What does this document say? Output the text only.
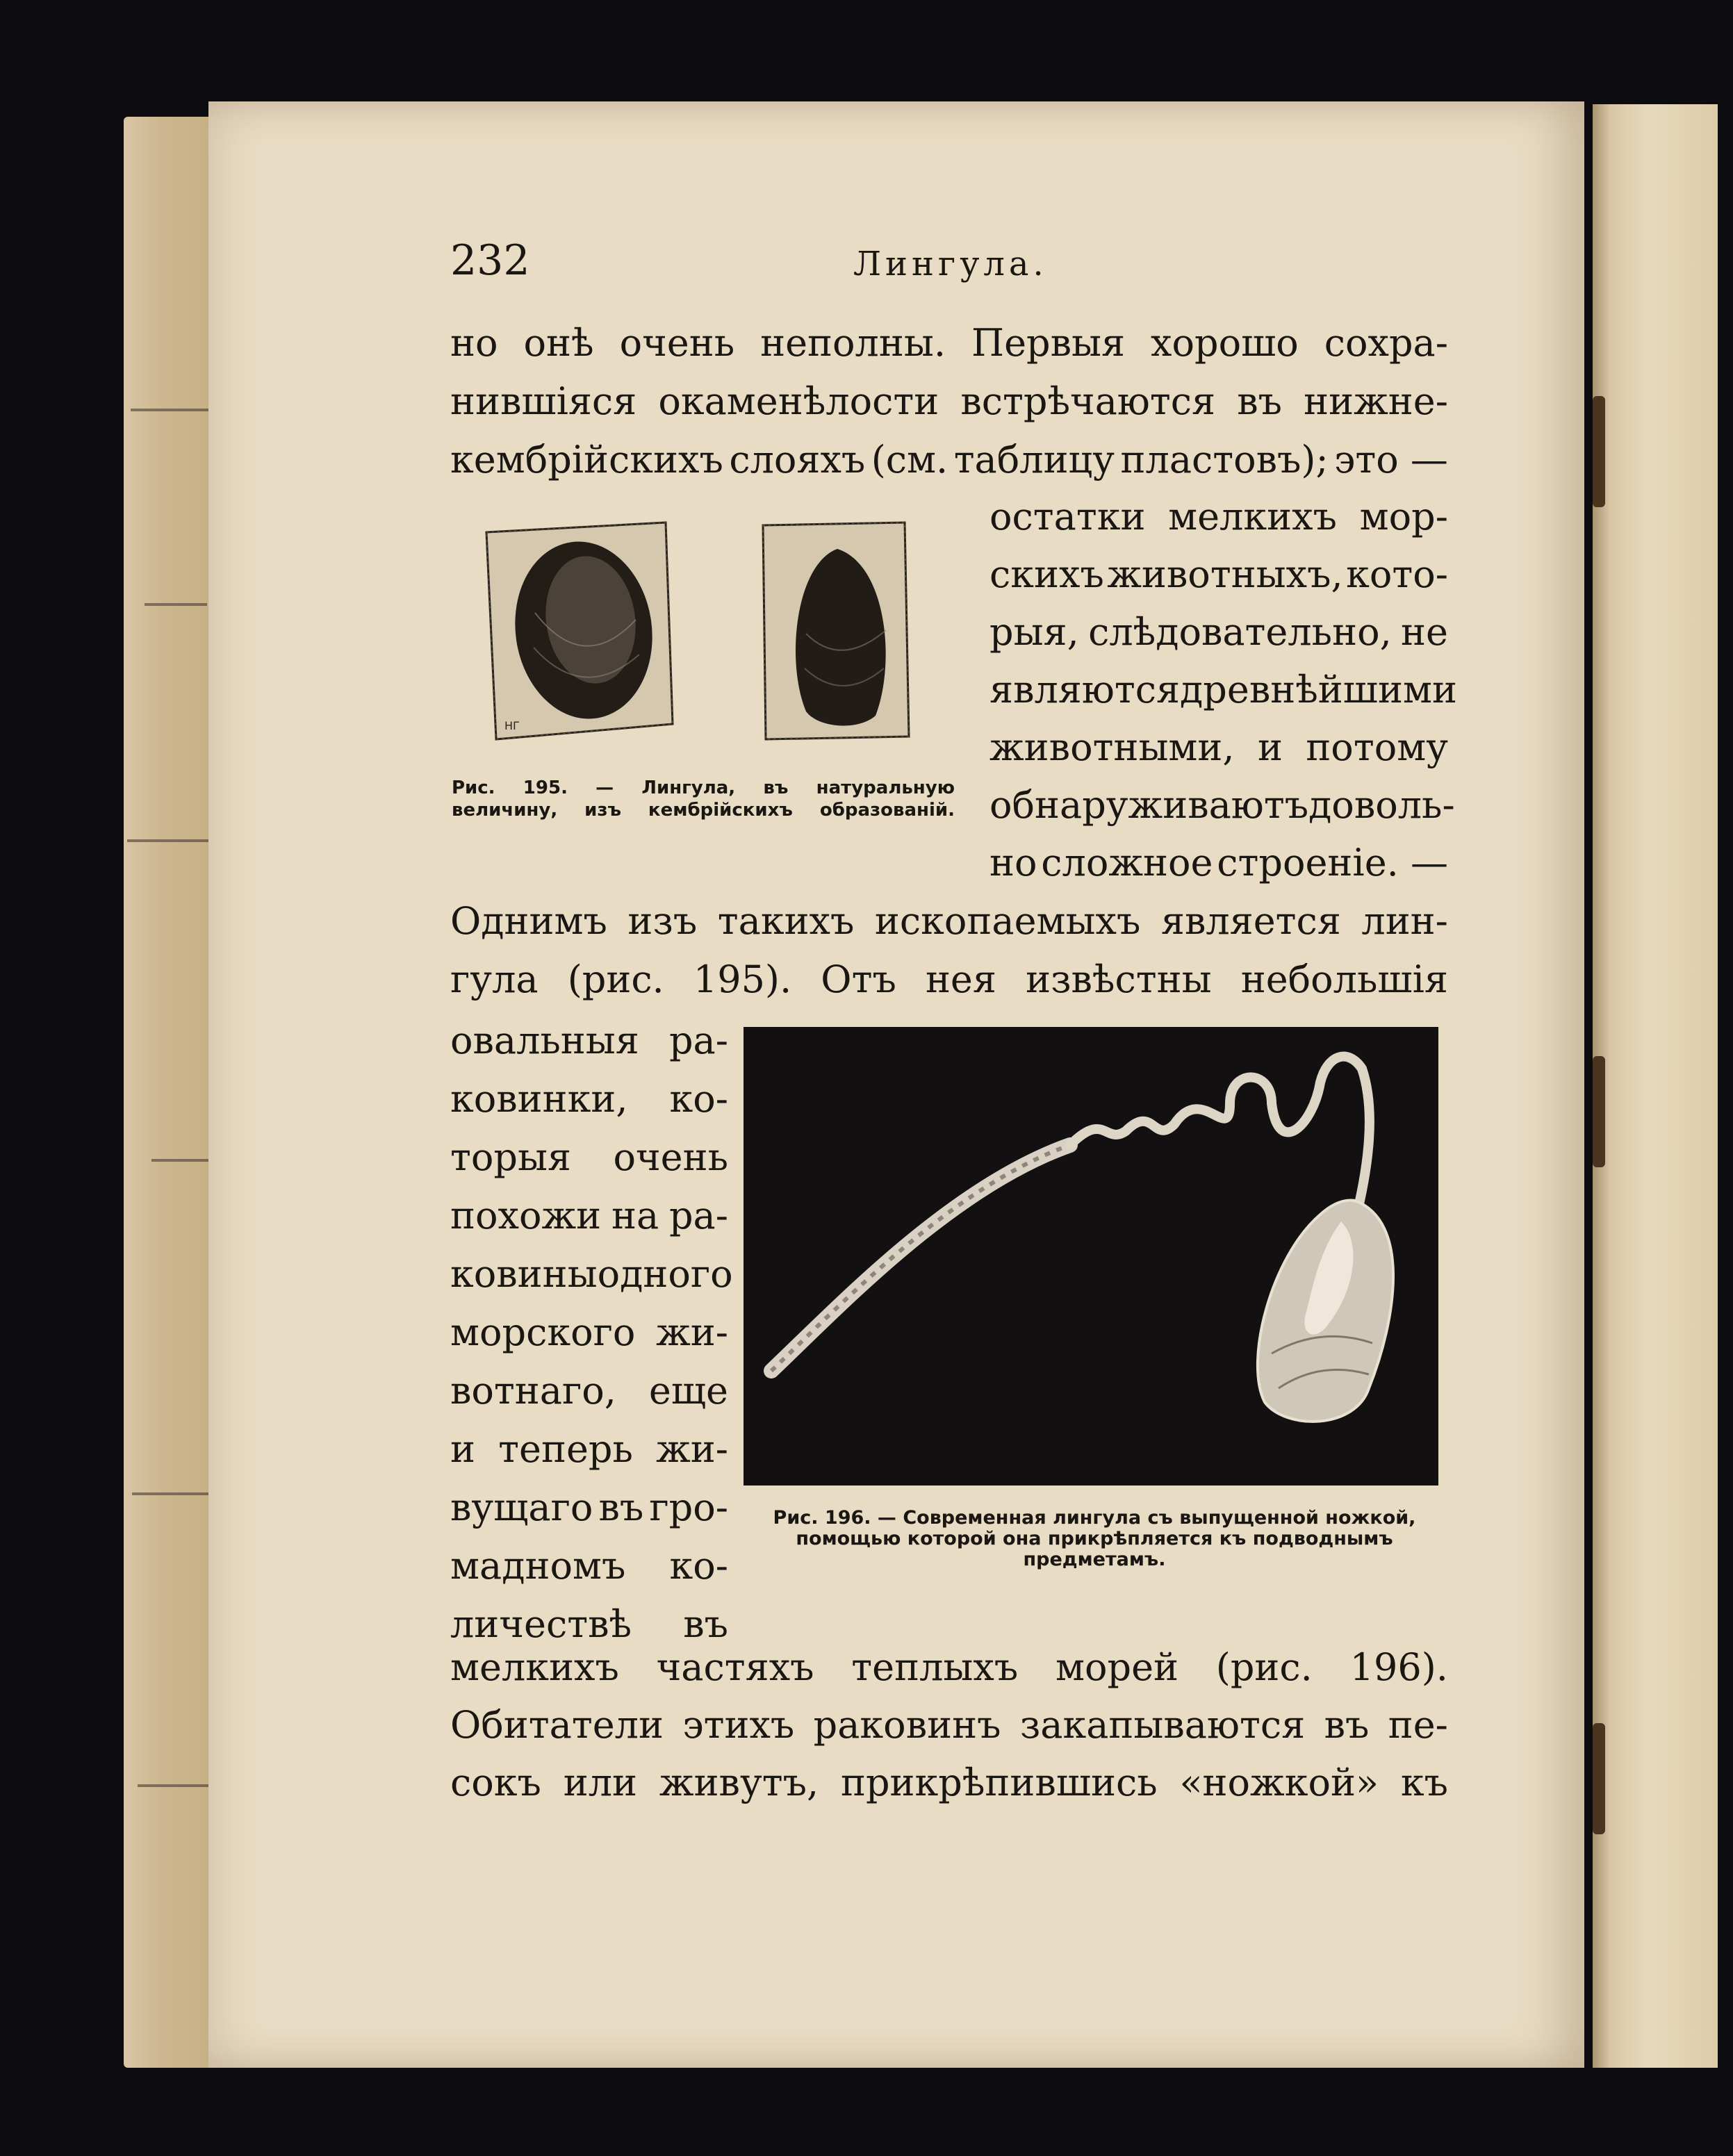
232	Лингула.
но онѣ очень неполны. Первыя хорошо сохра-
нившіяся окаменѣлости встрѣчаются въ нижне-
кембрійскихъ слояхъ (см. таблицу пластовъ); это —
остатки мелкихъ мор-
скихъ животныхъ, кото-
рыя, слѣдовательно, не
являются древнѣйшими
животными, и потому
обнаруживаютъ доволь-
но сложное строеніе. —
Однимъ изъ такихъ ископаемыхъ является лин-
гула (рис. 195). Отъ нея извѣстны небольшія
овальныя ра-
ковинки, ко-
торыя очень
похожи на ра-
ковины одного
морского жи-
вотнаго, еще
и теперь жи-
вущаго въ гро-
мадномъ ко-
личествѣ въ
мелкихъ частяхъ теплыхъ морей (рис. 196).
Обитатели этихъ раковинъ закапываются въ пе-
сокъ или живутъ, прикрѣпившись «ножкой» къ
НГ
Рис. 195. — Лингула, въ натуральную величину, изъ кембрійскихъ образованій.
Рис. 196. — Современная лингула съ выпущенной ножкой, помощью которой она прикрѣпляется къ подводнымъ предметамъ.
